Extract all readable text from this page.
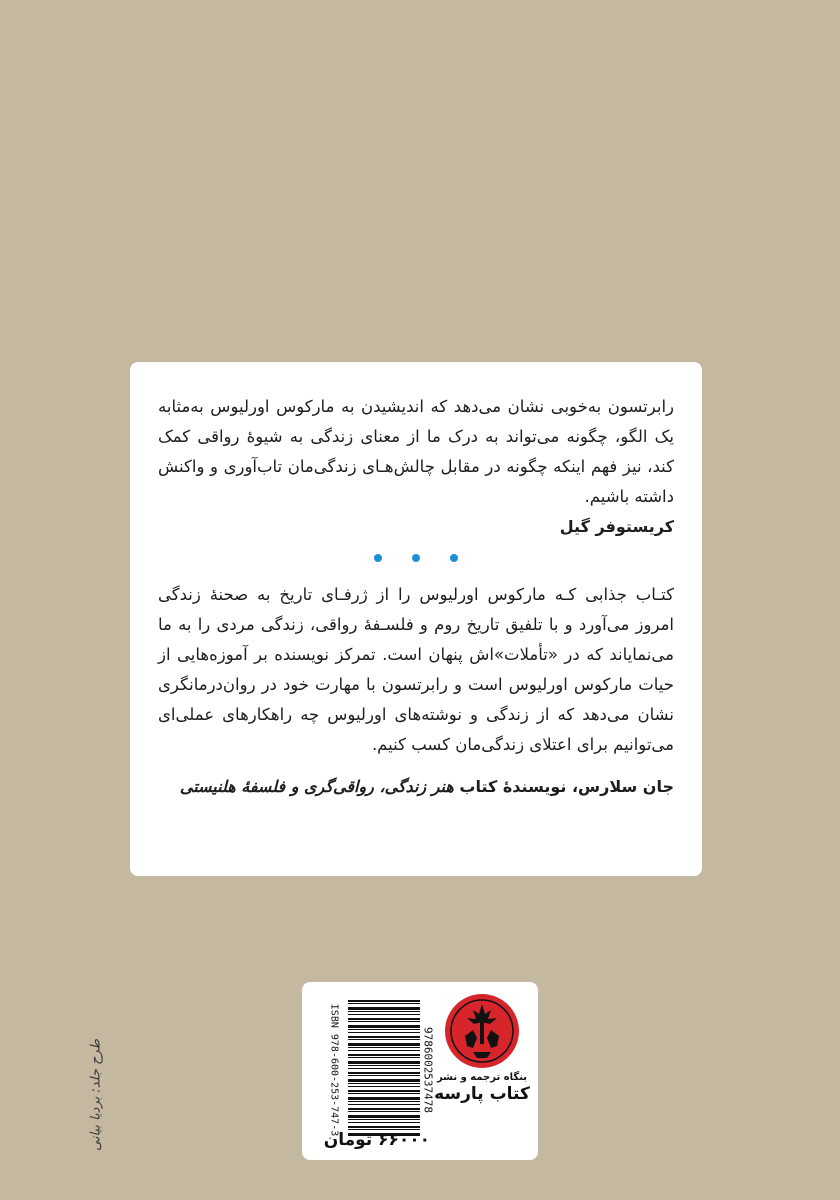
رابرتسون به‌خوبی نشان می‌دهد که اندیشیدن به مارکوس اورلیوس به‌مثابه یک الگو، چگونه می‌تواند به درک ما از معنای زندگی به شیوهٔ رواقی کمک کند، نیز فهم اینکه چگونه در مقابل چالش‌هـای زندگی‌مان تاب‌آوری و واکنش داشته باشیم.

کریستوفر گیل

کتـاب جذابی کـه مارکوس اورلیوس را از ژرفـای تاریخ به صحنهٔ زندگی امروز می‌آورد و با تلفیق تاریخ روم و فلسـفهٔ رواقی، زندگی مردی را به ما می‌نمایاند که در «تأملات»اش پنهان است. تمرکز نویسنده بر آموزه‌هایی از حیات مارکوس اورلیوس است و رابرتسون با مهارت خود در روان‌درمانگری نشان می‌دهد که از زندگی و نوشته‌های اورلیوس چه راهکارهای عملی‌ای می‌توانیم برای اعتلای زندگی‌مان کسب کنیم.

جان سلارس، نویسندهٔ کتاب هنر زندگی، رواقی‌گری و فلسفهٔ هلنیستی

ISBN 978-600-253-747-3	9786002537478 بنگاه ترجمه و نشر
کتاب پارسه
۶۶۰۰۰ تومان
طرح جلد: بردیا بیانی
